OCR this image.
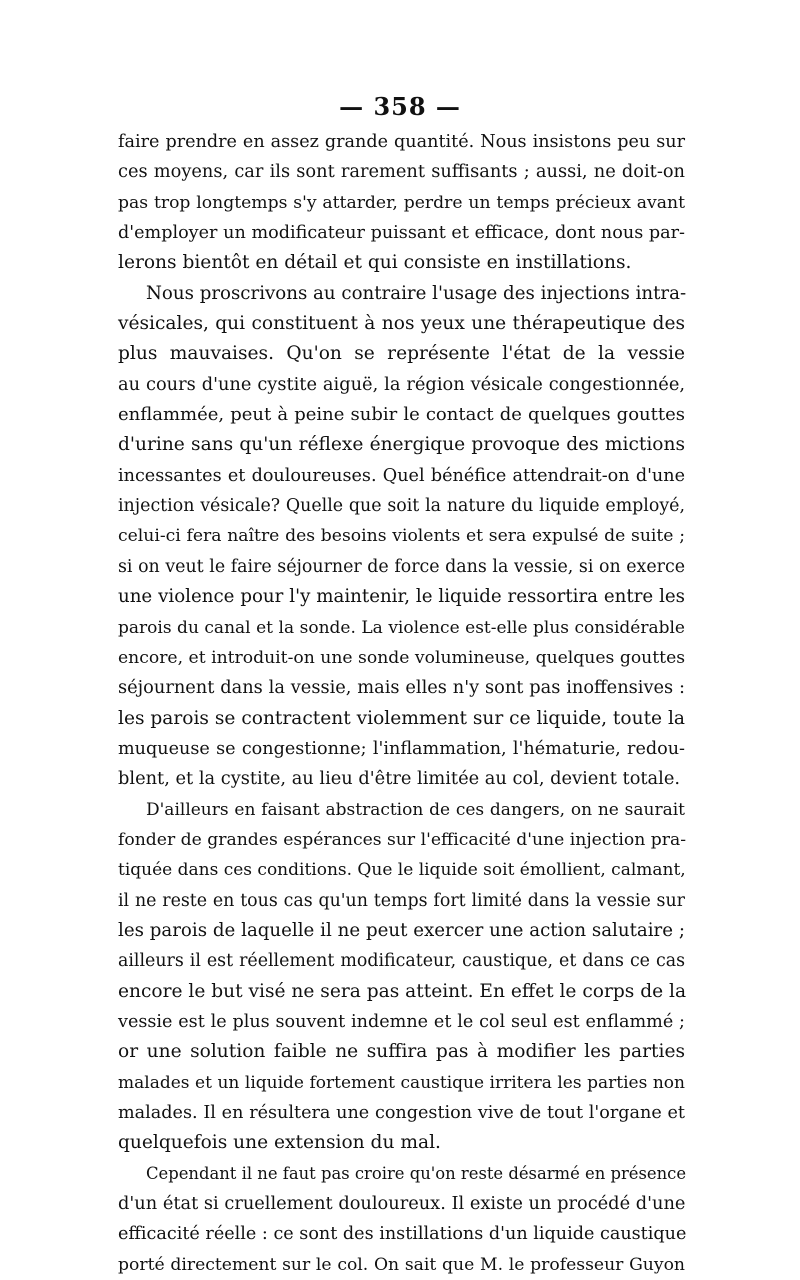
— 358 —
faire prendre en assez grande quantité. Nous insistons peu sur
ces moyens, car ils sont rarement suffisants ; aussi, ne doit-on
pas trop longtemps s'y attarder, perdre un temps précieux avant
d'employer un modificateur puissant et efficace, dont nous par-
lerons bientôt en détail et qui consiste en instillations.
Nous proscrivons au contraire l'usage des injections intra-
vésicales, qui constituent à nos yeux une thérapeutique des
plus mauvaises. Qu'on se représente l'état de la vessie
au cours d'une cystite aiguë, la région vésicale congestionnée,
enflammée, peut à peine subir le contact de quelques gouttes
d'urine sans qu'un réflexe énergique provoque des mictions
incessantes et douloureuses. Quel bénéfice attendrait-on d'une
injection vésicale? Quelle que soit la nature du liquide employé,
celui-ci fera naître des besoins violents et sera expulsé de suite ;
si on veut le faire séjourner de force dans la vessie, si on exerce
une violence pour l'y maintenir, le liquide ressortira entre les
parois du canal et la sonde. La violence est-elle plus considérable
encore, et introduit-on une sonde volumineuse, quelques gouttes
séjournent dans la vessie, mais elles n'y sont pas inoffensives :
les parois se contractent violemment sur ce liquide, toute la
muqueuse se congestionne; l'inflammation, l'hématurie, redou-
blent, et la cystite, au lieu d'être limitée au col, devient totale.
D'ailleurs en faisant abstraction de ces dangers, on ne saurait
fonder de grandes espérances sur l'efficacité d'une injection pra-
tiquée dans ces conditions. Que le liquide soit émollient, calmant,
il ne reste en tous cas qu'un temps fort limité dans la vessie sur
les parois de laquelle il ne peut exercer une action salutaire ;
ailleurs il est réellement modificateur, caustique, et dans ce cas
encore le but visé ne sera pas atteint. En effet le corps de la
vessie est le plus souvent indemne et le col seul est enflammé ;
or une solution faible ne suffira pas à modifier les parties
malades et un liquide fortement caustique irritera les parties non
malades. Il en résultera une congestion vive de tout l'organe et
quelquefois une extension du mal.
Cependant il ne faut pas croire qu'on reste désarmé en présence
d'un état si cruellement douloureux. Il existe un procédé d'une
efficacité réelle : ce sont des instillations d'un liquide caustique
porté directement sur le col. On sait que M. le professeur Guyon
